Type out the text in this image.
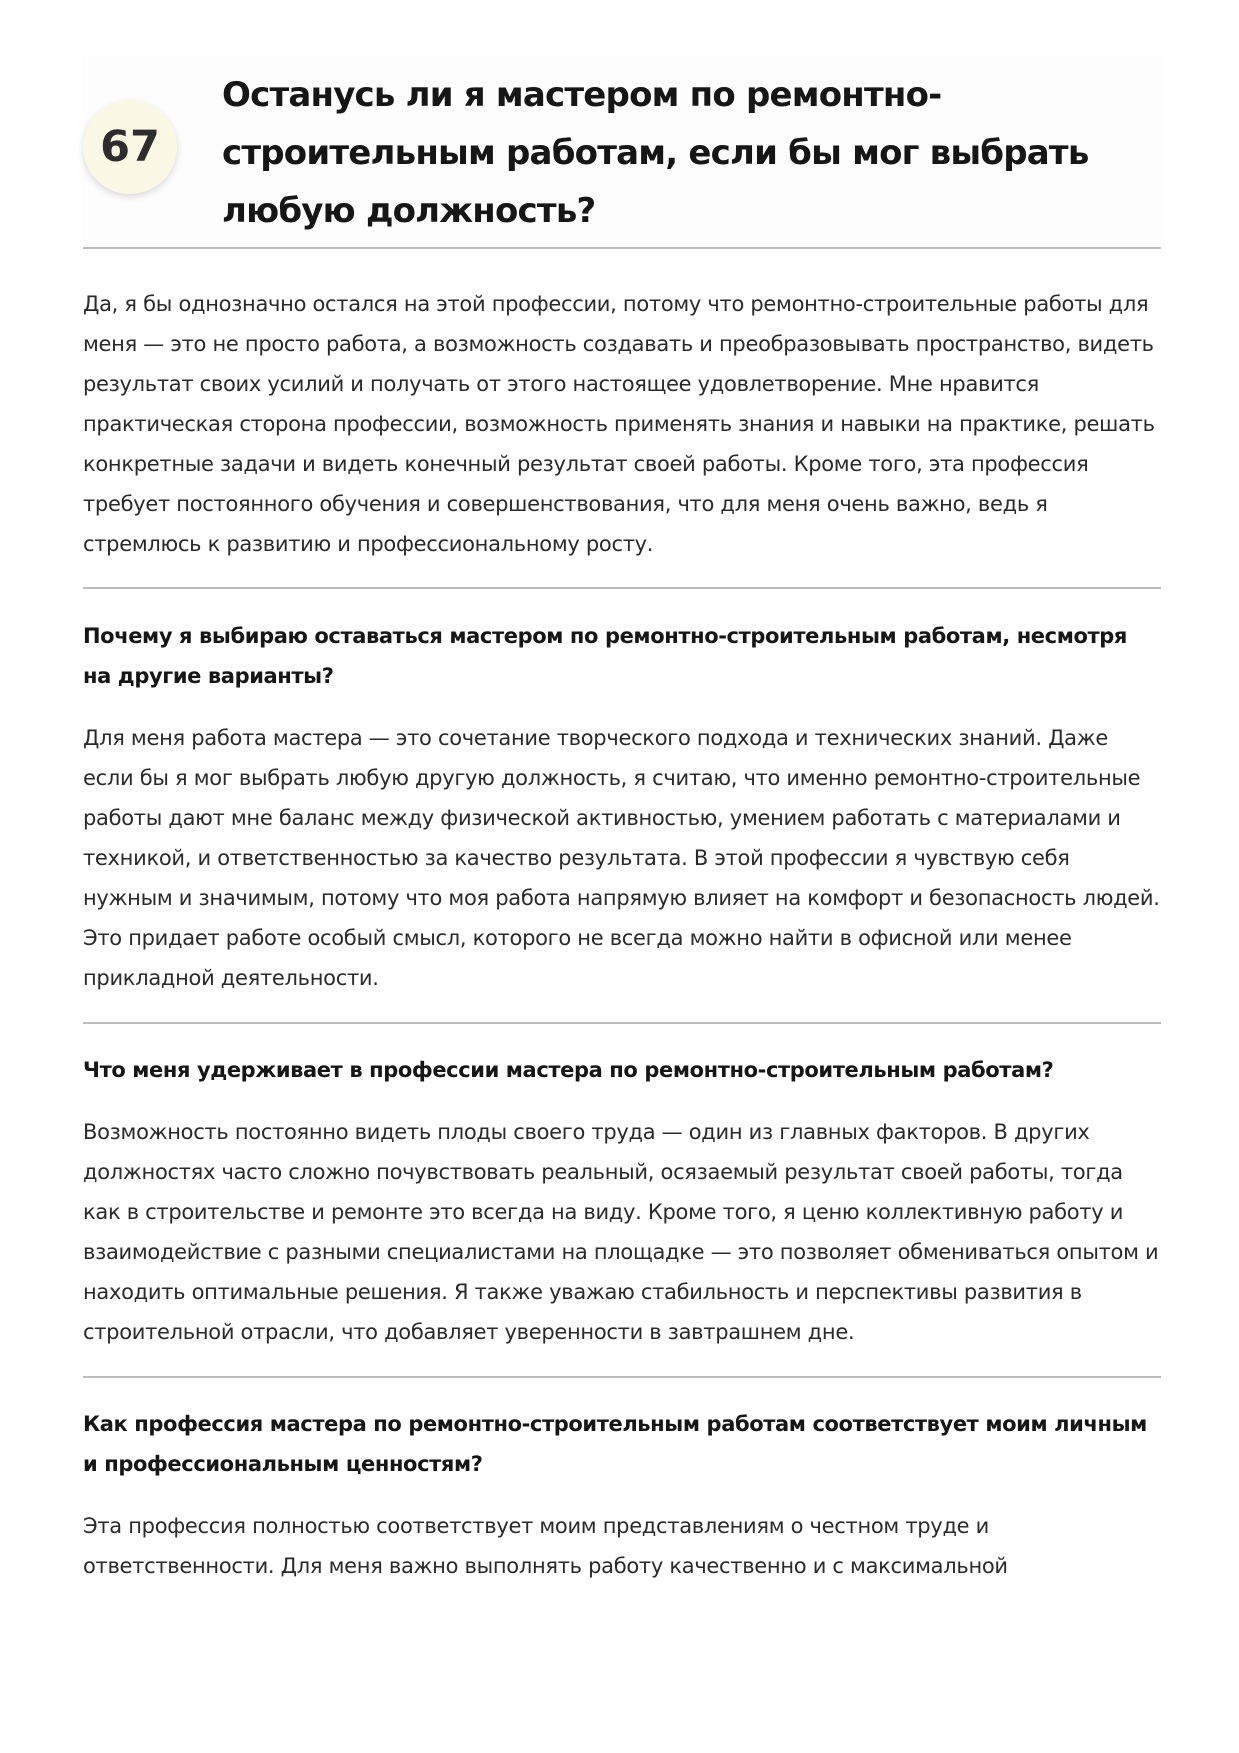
67
Останусь ли я мастером по ремонтно-строительным работам, если бы мог выбрать любую должность?

Да, я бы однозначно остался на этой профессии, потому что ремонтно-строительные работы для меня — это не просто работа, а возможность создавать и преобразовывать пространство, видеть результат своих усилий и получать от этого настоящее удовлетворение. Мне нравится практическая сторона профессии, возможность применять знания и навыки на практике, решать конкретные задачи и видеть конечный результат своей работы. Кроме того, эта профессия требует постоянного обучения и совершенствования, что для меня очень важно, ведь я стремлюсь к развитию и профессиональному росту.

Почему я выбираю оставаться мастером по ремонтно-строительным работам, несмотря на другие варианты?

Для меня работа мастера — это сочетание творческого подхода и технических знаний. Даже если бы я мог выбрать любую другую должность, я считаю, что именно ремонтно-строительные работы дают мне баланс между физической активностью, умением работать с материалами и техникой, и ответственностью за качество результата. В этой профессии я чувствую себя нужным и значимым, потому что моя работа напрямую влияет на комфорт и безопасность людей. Это придает работе особый смысл, которого не всегда можно найти в офисной или менее прикладной деятельности.

Что меня удерживает в профессии мастера по ремонтно-строительным работам?

Возможность постоянно видеть плоды своего труда — один из главных факторов. В других должностях часто сложно почувствовать реальный, осязаемый результат своей работы, тогда как в строительстве и ремонте это всегда на виду. Кроме того, я ценю коллективную работу и взаимодействие с разными специалистами на площадке — это позволяет обмениваться опытом и находить оптимальные решения. Я также уважаю стабильность и перспективы развития в строительной отрасли, что добавляет уверенности в завтрашнем дне.

Как профессия мастера по ремонтно-строительным работам соответствует моим личным и профессиональным ценностям?

Эта профессия полностью соответствует моим представлениям о честном труде и ответственности. Для меня важно выполнять работу качественно и с максимальной
